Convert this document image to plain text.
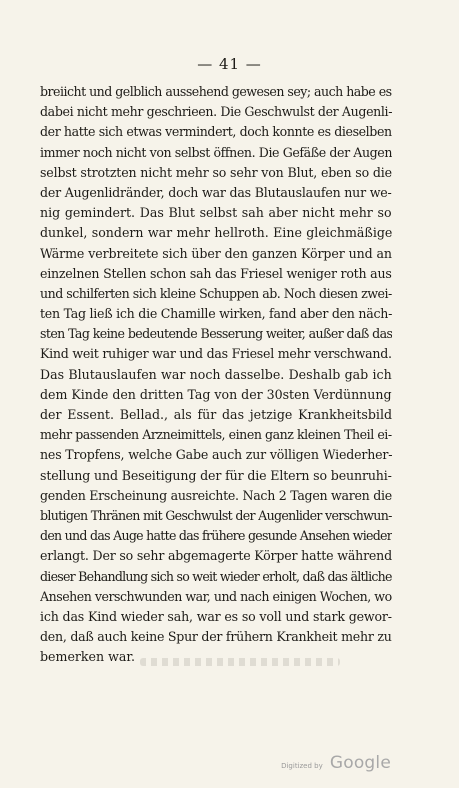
— 41 —
breiicht und gelblich aussehend gewesen sey; auch habe es
dabei nicht mehr geschrieen. Die Geschwulst der Augenli-
der hatte sich etwas vermindert, doch konnte es dieselben
immer noch nicht von selbst öffnen. Die Gefäße der Augen
selbst strotzten nicht mehr so sehr von Blut, eben so die
der Augenlidränder, doch war das Blutauslaufen nur we-
nig gemindert. Das Blut selbst sah aber nicht mehr so
dunkel, sondern war mehr hellroth. Eine gleichmäßige
Wärme verbreitete sich über den ganzen Körper und an
einzelnen Stellen schon sah das Friesel weniger roth aus
und schilferten sich kleine Schuppen ab. Noch diesen zwei-
ten Tag ließ ich die Chamille wirken, fand aber den näch-
sten Tag keine bedeutende Besserung weiter, außer daß das
Kind weit ruhiger war und das Friesel mehr verschwand.
Das Blutauslaufen war noch dasselbe. Deshalb gab ich
dem Kinde den dritten Tag von der 30sten Verdünnung
der Essent. Bellad., als für das jetzige Krankheitsbild
mehr passenden Arzneimittels, einen ganz kleinen Theil ei-
nes Tropfens, welche Gabe auch zur völligen Wiederher-
stellung und Beseitigung der für die Eltern so beunruhi-
genden Erscheinung ausreichte. Nach 2 Tagen waren die
blutigen Thränen mit Geschwulst der Augenlider verschwun-
den und das Auge hatte das frühere gesunde Ansehen wieder
erlangt. Der so sehr abgemagerte Körper hatte während
dieser Behandlung sich so weit wieder erholt, daß das ältliche
Ansehen verschwunden war, und nach einigen Wochen, wo
ich das Kind wieder sah, war es so voll und stark gewor-
den, daß auch keine Spur der frühern Krankheit mehr zu
bemerken war.
Digitized by Google
